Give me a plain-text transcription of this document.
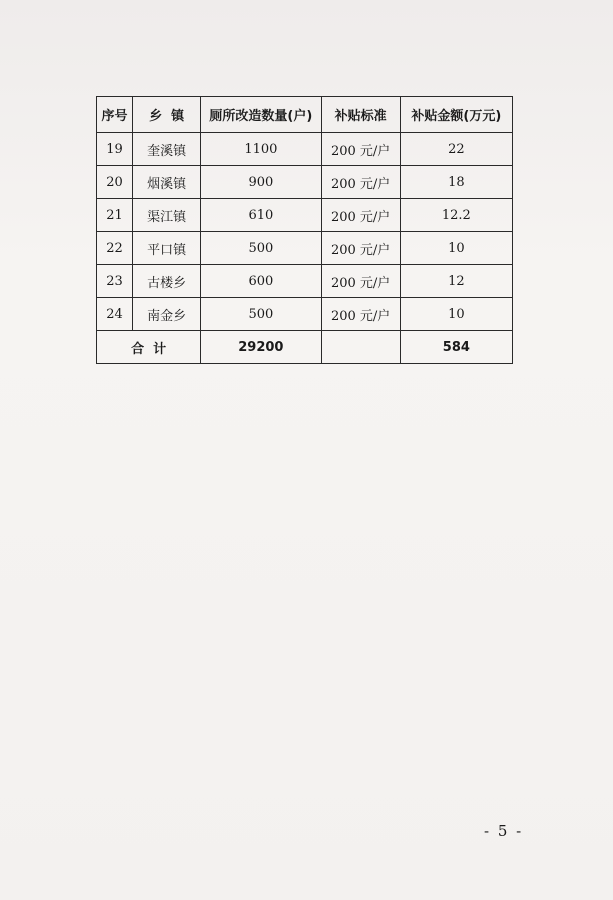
序号	乡  镇	厕所改造数量(户)	补贴标准	补贴金额(万元)
19	奎溪镇	1100	200 元/户	22
20	烟溪镇	900	200 元/户	18
21	渠江镇	610	200 元/户	12.2
22	平口镇	500	200 元/户	10
23	古楼乡	600	200 元/户	12
24	南金乡	500	200 元/户	10
合  计		29200		584
- 5 -
